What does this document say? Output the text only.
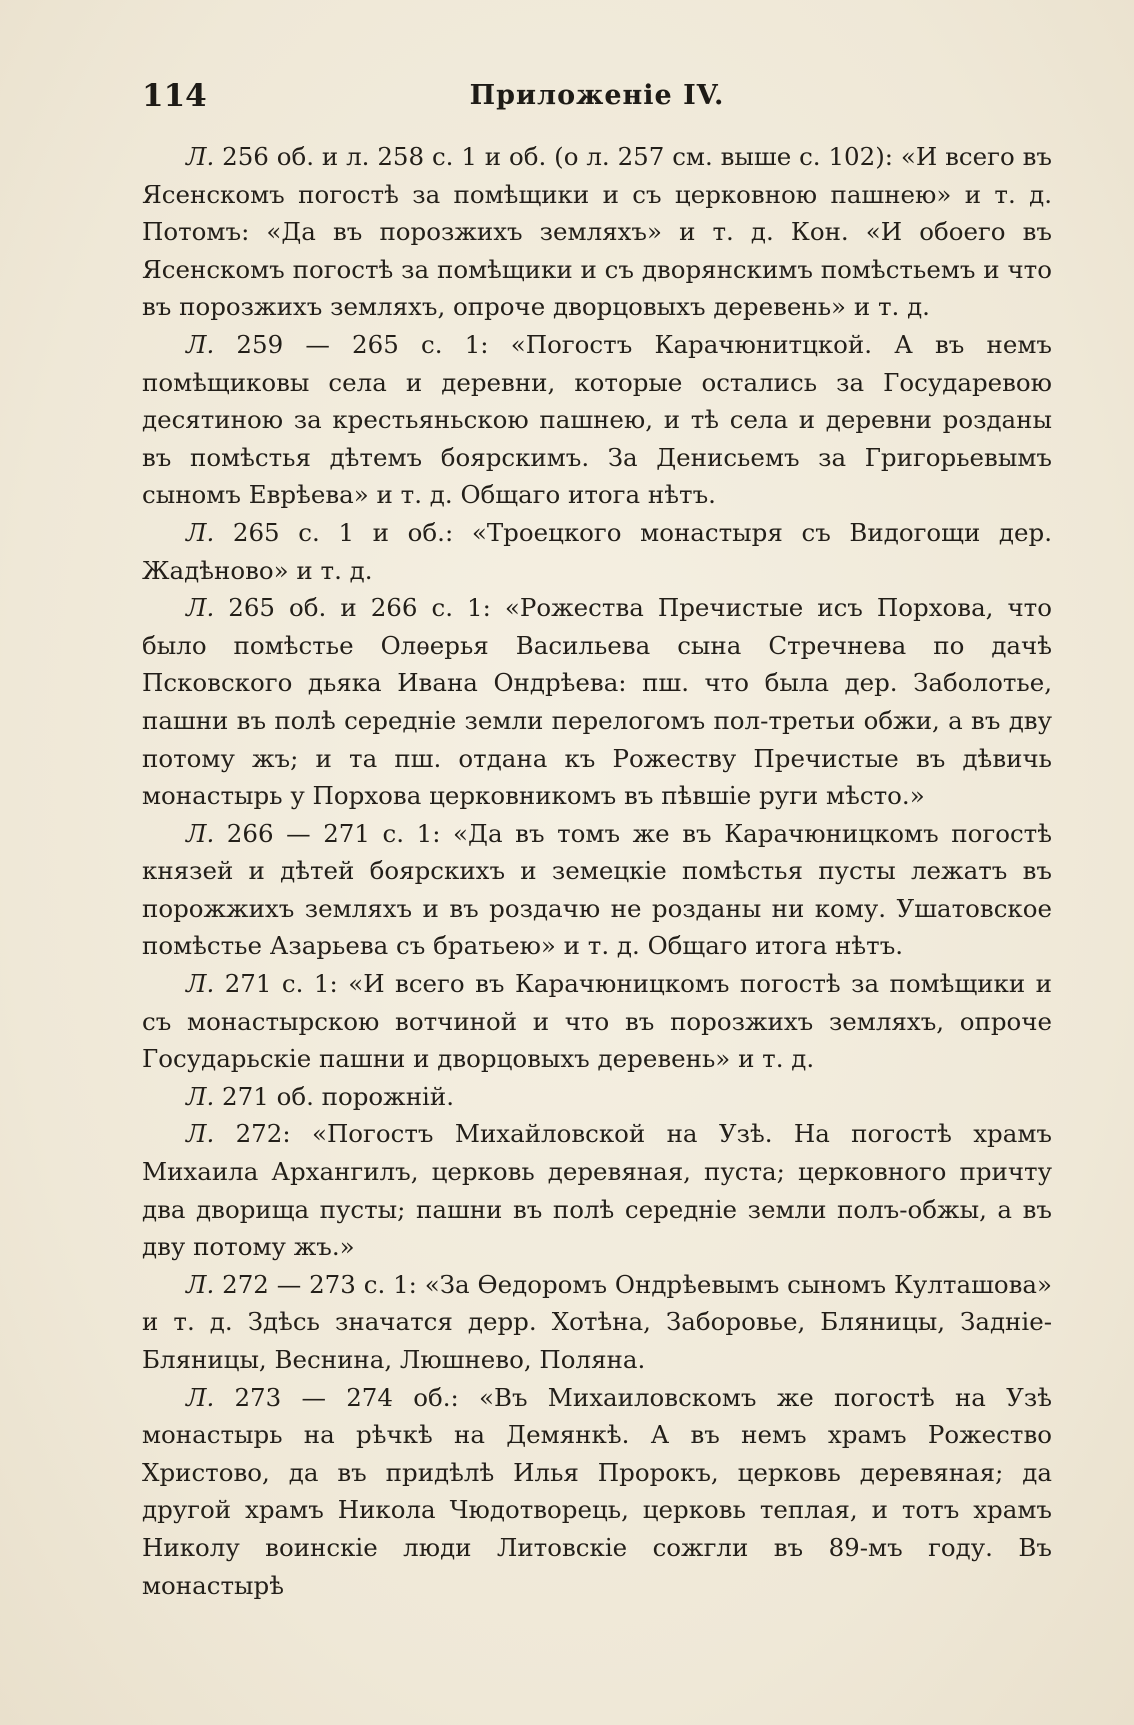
114	Приложеніе IV.

Л. 256 об. и л. 258 с. 1 и об. (о л. 257 см. выше с. 102): «И всего въ Ясенскомъ погостѣ за помѣщики и съ церковною пашнею» и т. д. Потомъ: «Да въ порозжихъ земляхъ» и т. д. Кон. «И обоего въ Ясенскомъ погостѣ за помѣщики и съ дворянскимъ помѣстьемъ и что въ порозжихъ земляхъ, опроче дворцовыхъ деревень» и т. д.

Л. 259 — 265 с. 1: «Погостъ Карачюнитцкой. А въ немъ помѣщиковы села и деревни, которые остались за Государевою десятиною за крестьяньскою пашнею, и тѣ села и деревни розданы въ помѣстья дѣтемъ боярскимъ. За Денисьемъ за Григорьевымъ сыномъ Еврѣева» и т. д. Общаго итога нѣтъ.

Л. 265 с. 1 и об.: «Троецкого монастыря съ Видогощи дер. Жадѣново» и т. д.

Л. 265 об. и 266 с. 1: «Рожества Пречистые исъ Порхова, что было помѣстье Олѳерья Васильева сына Стречнева по дачѣ Псковского дьяка Ивана Ондрѣева: пш. что была дер. Заболотье, пашни въ полѣ середніе земли перелогомъ пол-третьи обжи, а въ дву потому жъ; и та пш. отдана къ Рожеству Пречистые въ дѣвичь монастырь у Порхова церковникомъ въ пѣвшіе руги мѣсто.»

Л. 266 — 271 с. 1: «Да въ томъ же въ Карачюницкомъ погостѣ князей и дѣтей боярскихъ и земецкіе помѣстья пусты лежатъ въ порожжихъ земляхъ и въ роздачю не розданы ни кому. Ушатовское помѣстье Азарьева съ братьею» и т. д. Общаго итога нѣтъ.

Л. 271 с. 1: «И всего въ Карачюницкомъ погостѣ за помѣщики и съ монастырскою вотчиной и что въ порозжихъ земляхъ, опроче Государьскіе пашни и дворцовыхъ деревень» и т. д.

Л. 271 об. порожній.

Л. 272: «Погостъ Михайловской на Узѣ. На погостѣ храмъ Михаила Архангилъ, церковь деревяная, пуста; церковного причту два дворища пусты; пашни въ полѣ середніе земли полъ-обжы, а въ дву потому жъ.»

Л. 272 — 273 с. 1: «За Ѳедоромъ Ондрѣевымъ сыномъ Култашова» и т. д. Здѣсь значатся дерр. Хотѣна, Заборовье, Бляницы, Задніе-Бляницы, Веснина, Люшнево, Поляна.

Л. 273 — 274 об.: «Въ Михаиловскомъ же погостѣ на Узѣ монастырь на рѣчкѣ на Демянкѣ. А въ немъ храмъ Рожество Христово, да въ придѣлѣ Илья Пророкъ, церковь деревяная; да другой храмъ Никола Чюдотворець, церковь теплая, и тотъ храмъ Николу воинскіе люди Литовскіе сожгли въ 89-мъ году. Въ монастырѣ
